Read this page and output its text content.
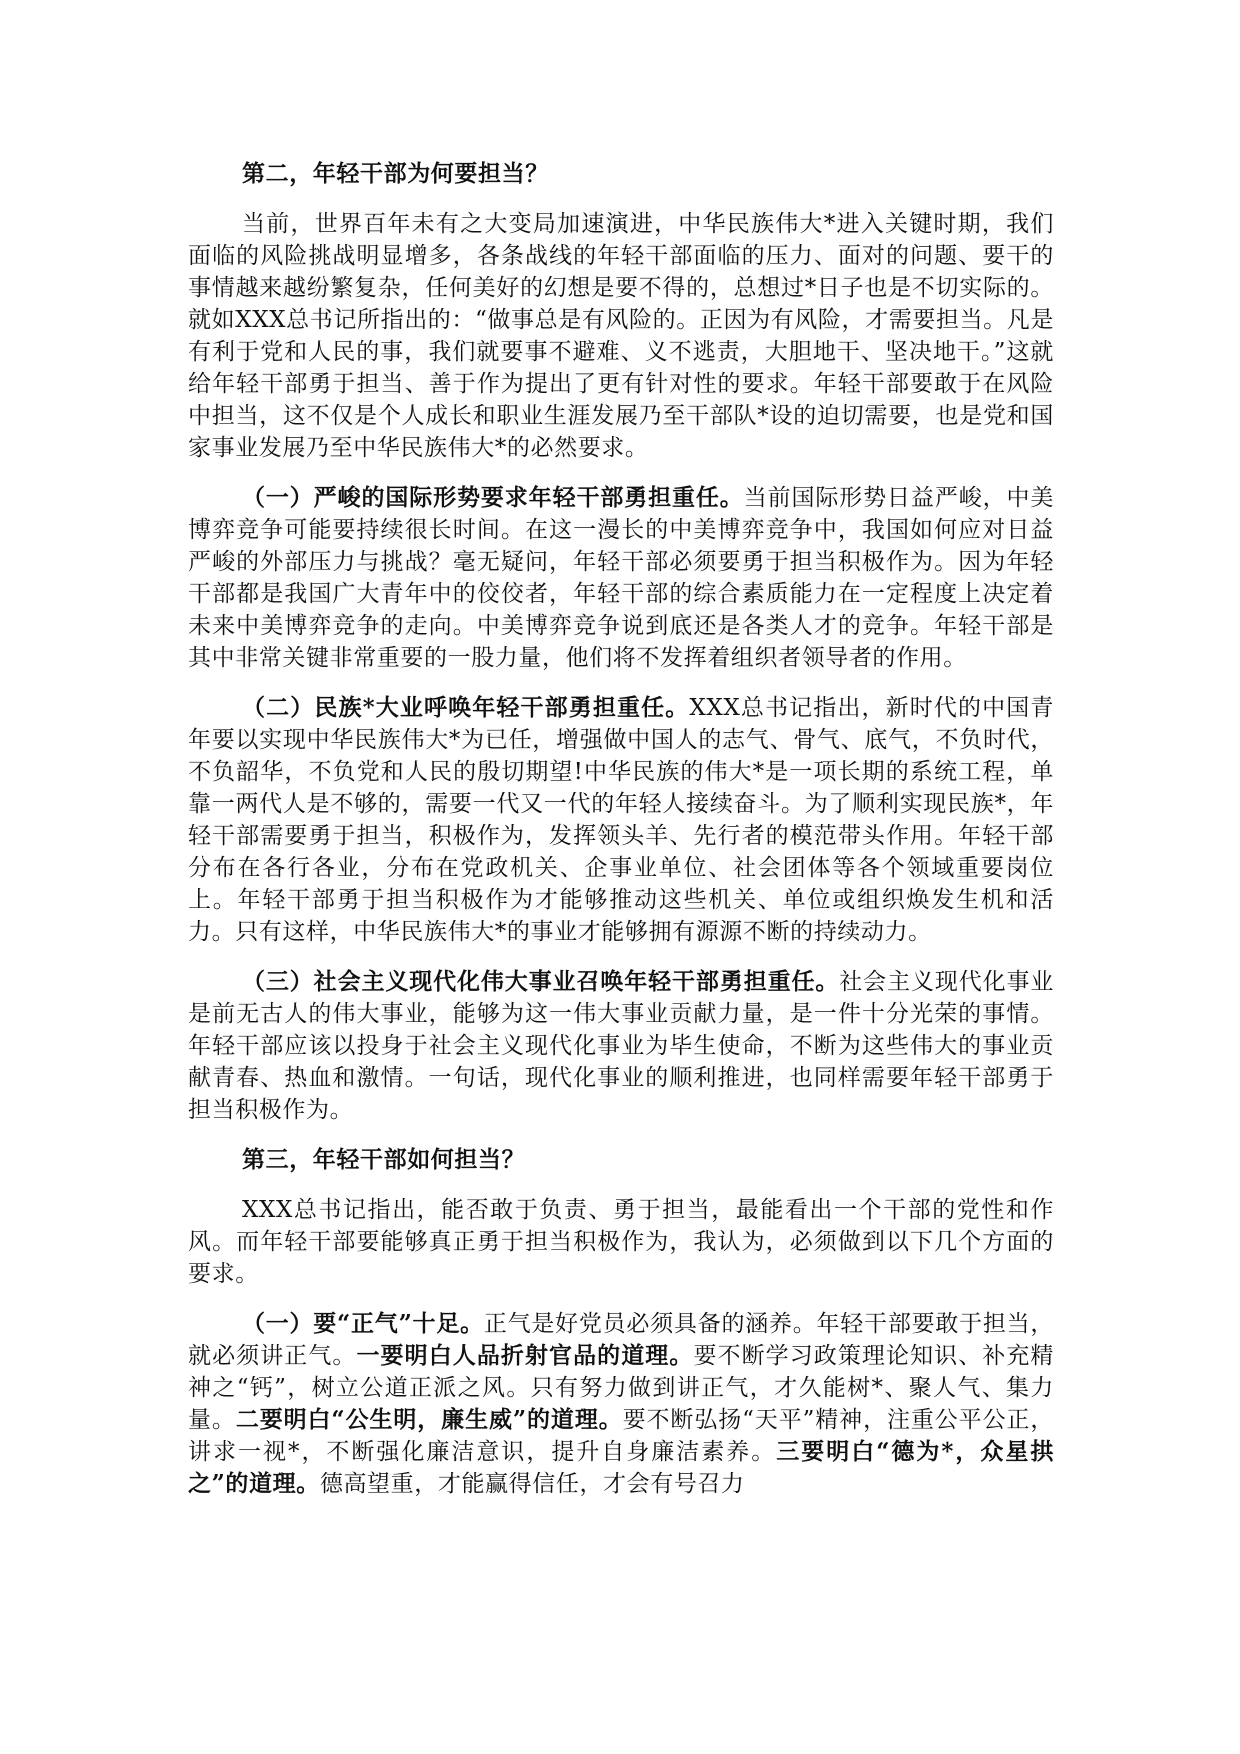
第二，年轻干部为何要担当？

当前，世界百年未有之大变局加速演进，中华民族伟大*进入关键时期，我们面临的风险挑战明显增多，各条战线的年轻干部面临的压力、面对的问题、要干的事情越来越纷繁复杂，任何美好的幻想是要不得的，总想过*日子也是不切实际的。就如XXX总书记所指出的：“做事总是有风险的。正因为有风险，才需要担当。凡是有利于党和人民的事，我们就要事不避难、义不逃责，大胆地干、坚决地干。”这就给年轻干部勇于担当、善于作为提出了更有针对性的要求。年轻干部要敢于在风险中担当，这不仅是个人成长和职业生涯发展乃至干部队*设的迫切需要，也是党和国家事业发展乃至中华民族伟大*的必然要求。

（一）严峻的国际形势要求年轻干部勇担重任。当前国际形势日益严峻，中美博弈竞争可能要持续很长时间。在这一漫长的中美博弈竞争中，我国如何应对日益严峻的外部压力与挑战？毫无疑问，年轻干部必须要勇于担当积极作为。因为年轻干部都是我国广大青年中的佼佼者，年轻干部的综合素质能力在一定程度上决定着未来中美博弈竞争的走向。中美博弈竞争说到底还是各类人才的竞争。年轻干部是其中非常关键非常重要的一股力量，他们将不发挥着组织者领导者的作用。

（二）民族*大业呼唤年轻干部勇担重任。XXX总书记指出，新时代的中国青年要以实现中华民族伟大*为已任，增强做中国人的志气、骨气、底气，不负时代，不负韶华，不负党和人民的殷切期望!中华民族的伟大*是一项长期的系统工程，单靠一两代人是不够的，需要一代又一代的年轻人接续奋斗。为了顺利实现民族*，年轻干部需要勇于担当，积极作为，发挥领头羊、先行者的模范带头作用。年轻干部分布在各行各业，分布在党政机关、企事业单位、社会团体等各个领域重要岗位上。年轻干部勇于担当积极作为才能够推动这些机关、单位或组织焕发生机和活力。只有这样，中华民族伟大*的事业才能够拥有源源不断的持续动力。

（三）社会主义现代化伟大事业召唤年轻干部勇担重任。社会主义现代化事业是前无古人的伟大事业，能够为这一伟大事业贡献力量，是一件十分光荣的事情。年轻干部应该以投身于社会主义现代化事业为毕生使命，不断为这些伟大的事业贡献青春、热血和激情。一句话，现代化事业的顺利推进，也同样需要年轻干部勇于担当积极作为。

第三，年轻干部如何担当？

XXX总书记指出，能否敢于负责、勇于担当，最能看出一个干部的党性和作风。而年轻干部要能够真正勇于担当积极作为，我认为，必须做到以下几个方面的要求。

（一）要“正气”十足。正气是好党员必须具备的涵养。年轻干部要敢于担当，就必须讲正气。一要明白人品折射官品的道理。要不断学习政策理论知识、补充精神之“钙”，树立公道正派之风。只有努力做到讲正气，才久能树*、聚人气、集力量。二要明白“公生明，廉生威”的道理。要不断弘扬“天平”精神，注重公平公正，讲求一视*，不断强化廉洁意识，提升自身廉洁素养。三要明白“德为*，众星拱之”的道理。德高望重，才能赢得信任，才会有号召力
